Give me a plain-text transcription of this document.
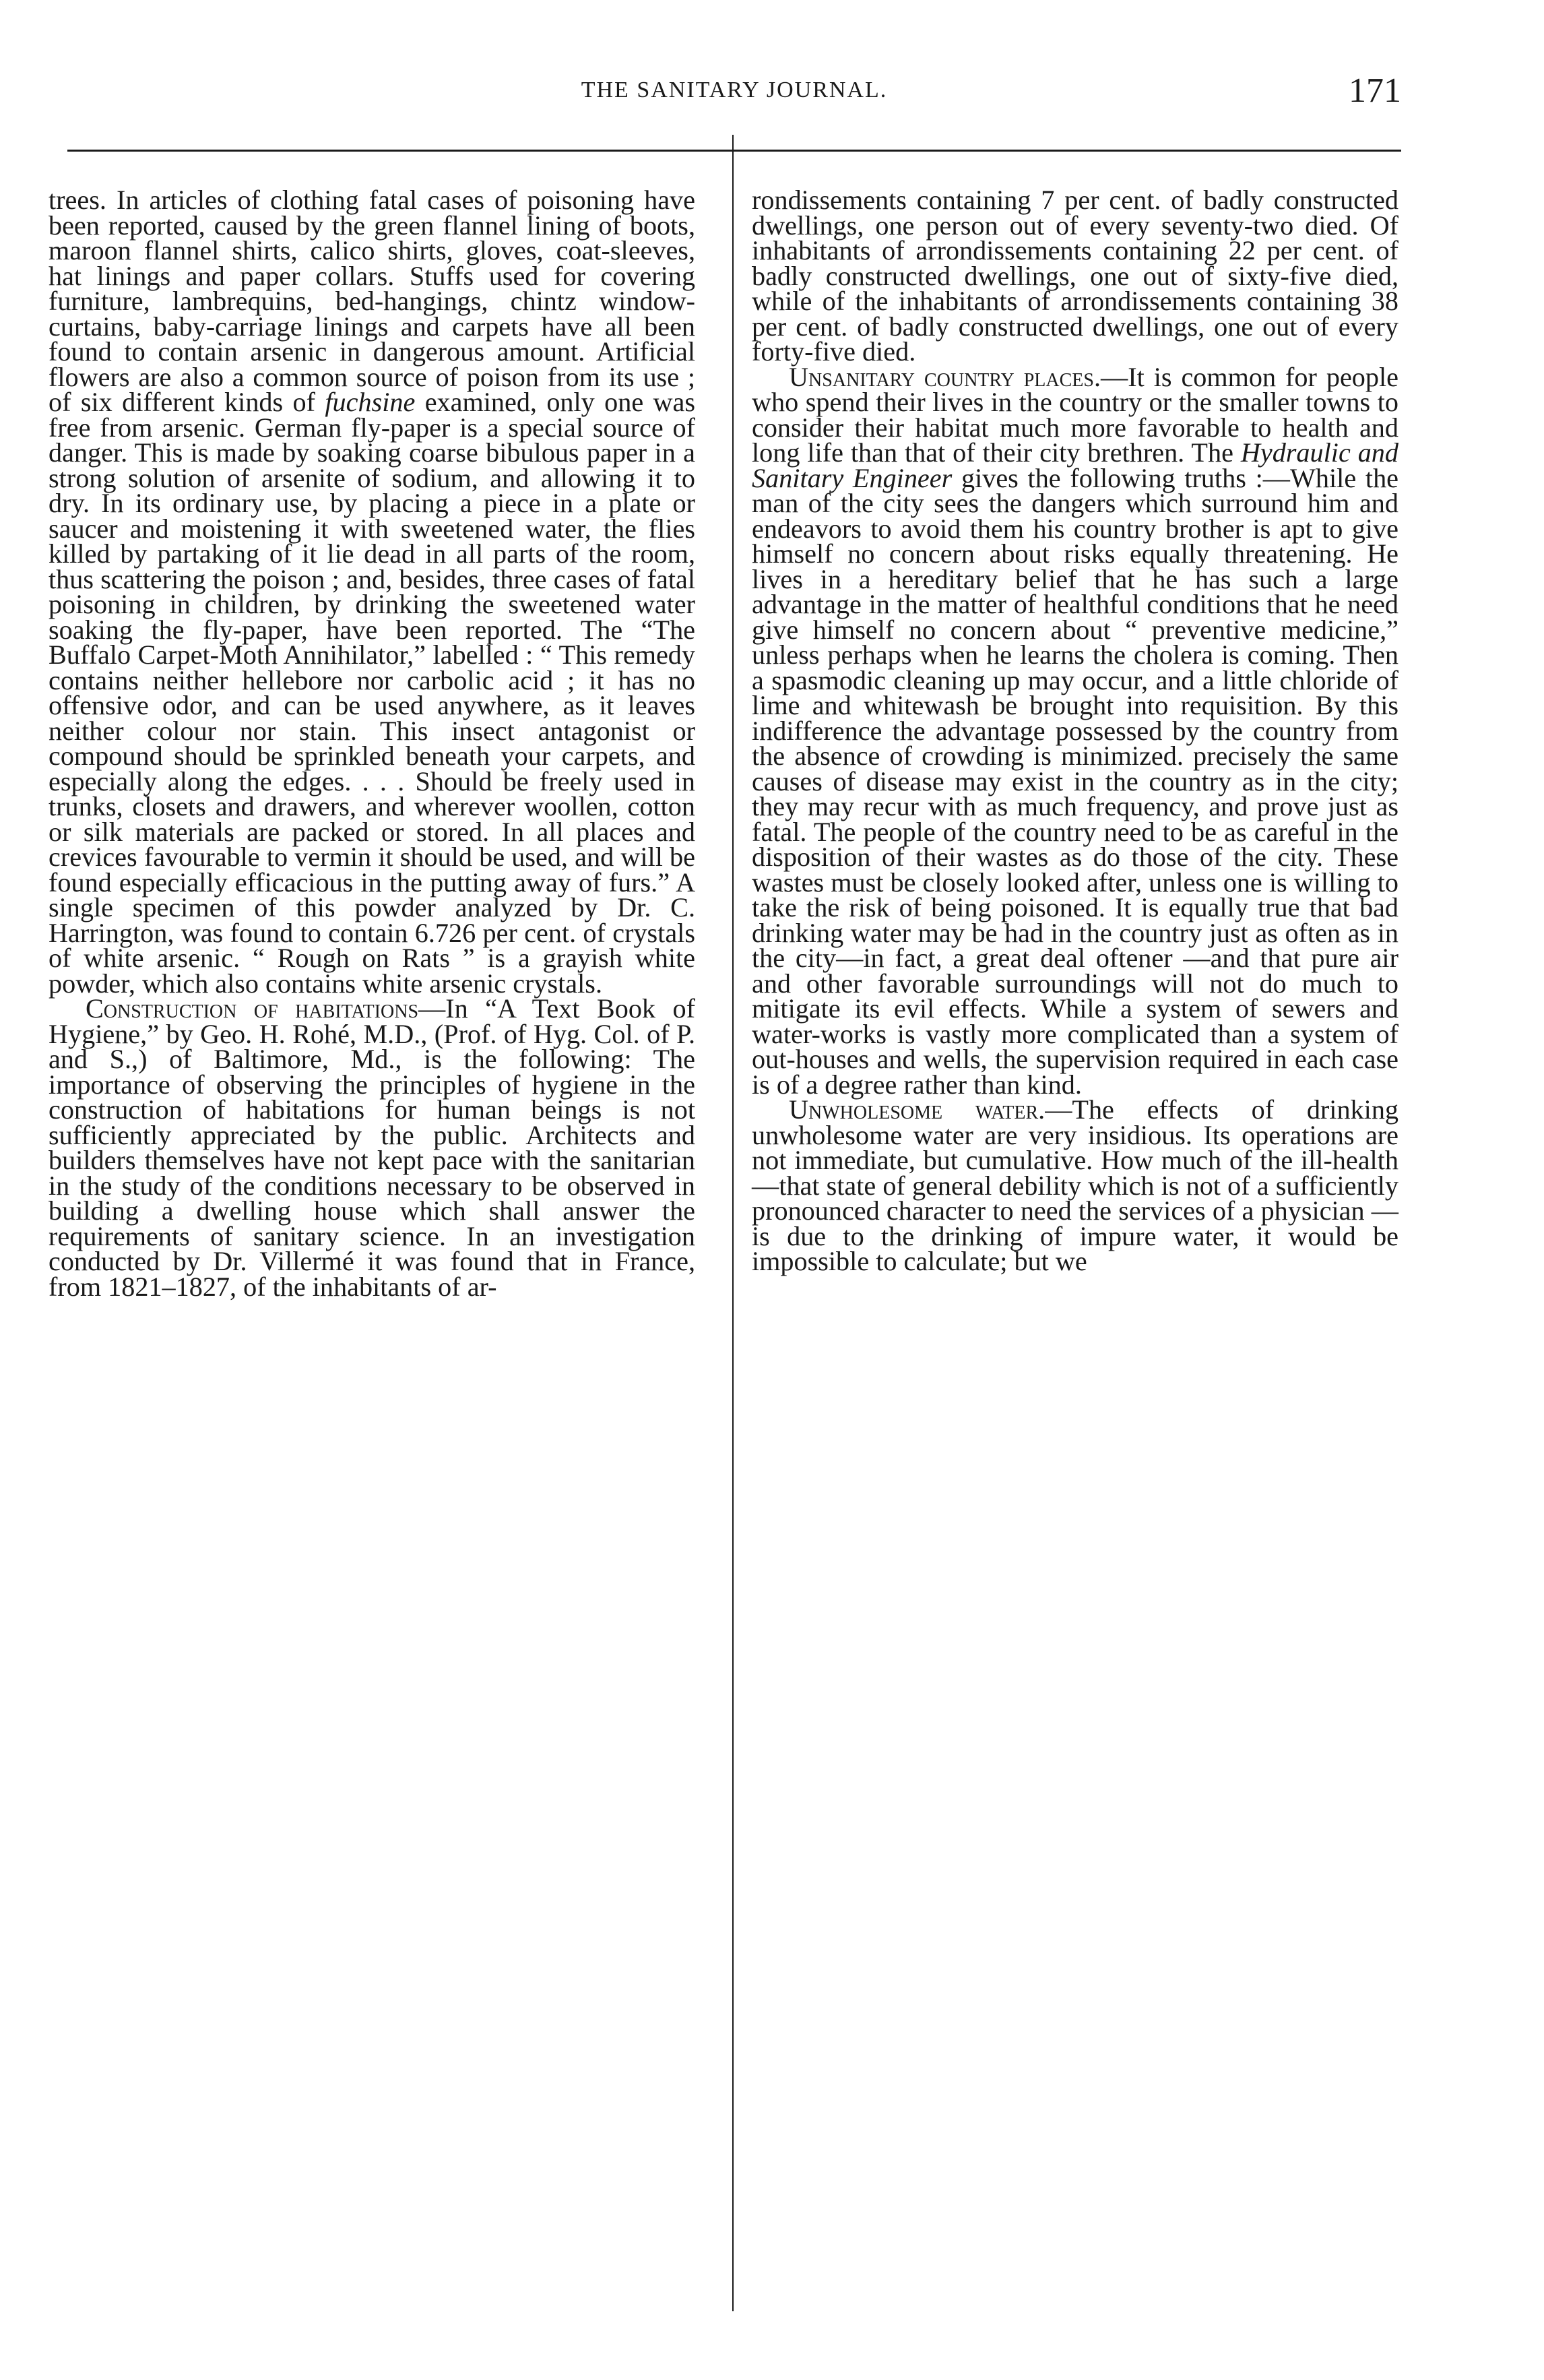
THE SANITARY JOURNAL.	171

trees. In articles of clothing fatal cases of poisoning have been reported, caused by the green flannel lining of boots, maroon flannel shirts, calico shirts, gloves, coat-sleeves, hat linings and paper collars. Stuffs used for covering furniture, lambrequins, bed-hangings, chintz window-curtains, baby-carriage linings and carpets have all been found to contain arsenic in dangerous amount. Artificial flowers are also a common source of poison from its use ; of six different kinds of fuchsine examined, only one was free from arsenic. German fly-paper is a special source of danger. This is made by soaking coarse bibulous paper in a strong solution of arsenite of sodium, and allowing it to dry. In its ordinary use, by placing a piece in a plate or saucer and moistening it with sweetened water, the flies killed by partaking of it lie dead in all parts of the room, thus scattering the poison ; and, besides, three cases of fatal poisoning in children, by drinking the sweetened water soaking the fly-paper, have been reported. The “The Buffalo Carpet-Moth Annihilator,” labelled : “ This remedy contains neither hellebore nor carbolic acid ; it has no offensive odor, and can be used anywhere, as it leaves neither colour nor stain. This insect antagonist or compound should be sprinkled beneath your carpets, and especially along the edges. . . . Should be freely used in trunks, closets and drawers, and wherever woollen, cotton or silk materials are packed or stored. In all places and crevices favourable to vermin it should be used, and will be found especially efficacious in the putting away of furs.” A single specimen of this powder analyzed by Dr. C. Harrington, was found to contain 6.726 per cent. of crystals of white arsenic. “ Rough on Rats ” is a grayish white powder, which also contains white arsenic crystals.

Construction of habitations—In “A Text Book of Hygiene,” by Geo. H. Rohé, M.D., (Prof. of Hyg. Col. of P. and S.,) of Baltimore, Md., is the following: The importance of observing the principles of hygiene in the construction of habitations for human beings is not sufficiently appreciated by the public. Architects and builders themselves have not kept pace with the sanitarian in the study of the conditions necessary to be observed in building a dwelling house which shall answer the requirements of sanitary science. In an investigation conducted by Dr. Villermé it was found that in France, from 1821–1827, of the inhabitants of ar-

rondissements containing 7 per cent. of badly constructed dwellings, one person out of every seventy-two died. Of inhabitants of arrondissements containing 22 per cent. of badly constructed dwellings, one out of sixty-five died, while of the inhabitants of arrondissements containing 38 per cent. of badly constructed dwellings, one out of every forty-five died.

Unsanitary country places.—It is common for people who spend their lives in the country or the smaller towns to consider their habitat much more favorable to health and long life than that of their city brethren. The Hydraulic and Sanitary Engineer gives the following truths :—While the man of the city sees the dangers which surround him and endeavors to avoid them his country brother is apt to give himself no concern about risks equally threatening. He lives in a hereditary belief that he has such a large advantage in the matter of healthful conditions that he need give himself no concern about “ preventive medicine,” unless perhaps when he learns the cholera is coming. Then a spasmodic cleaning up may occur, and a little chloride of lime and whitewash be brought into requisition. By this indifference the advantage possessed by the country from the absence of crowding is minimized. precisely the same causes of disease may exist in the country as in the city; they may recur with as much frequency, and prove just as fatal. The people of the country need to be as careful in the disposition of their wastes as do those of the city. These wastes must be closely looked after, unless one is willing to take the risk of being poisoned. It is equally true that bad drinking water may be had in the country just as often as in the city—in fact, a great deal oftener —and that pure air and other favorable surroundings will not do much to mitigate its evil effects. While a system of sewers and water-works is vastly more complicated than a system of out-houses and wells, the supervision required in each case is of a degree rather than kind.

Unwholesome water.—The effects of drinking unwholesome water are very insidious. Its operations are not immediate, but cumulative. How much of the ill-health —that state of general debility which is not of a sufficiently pronounced character to need the services of a physician —is due to the drinking of impure water, it would be impossible to calculate; but we
